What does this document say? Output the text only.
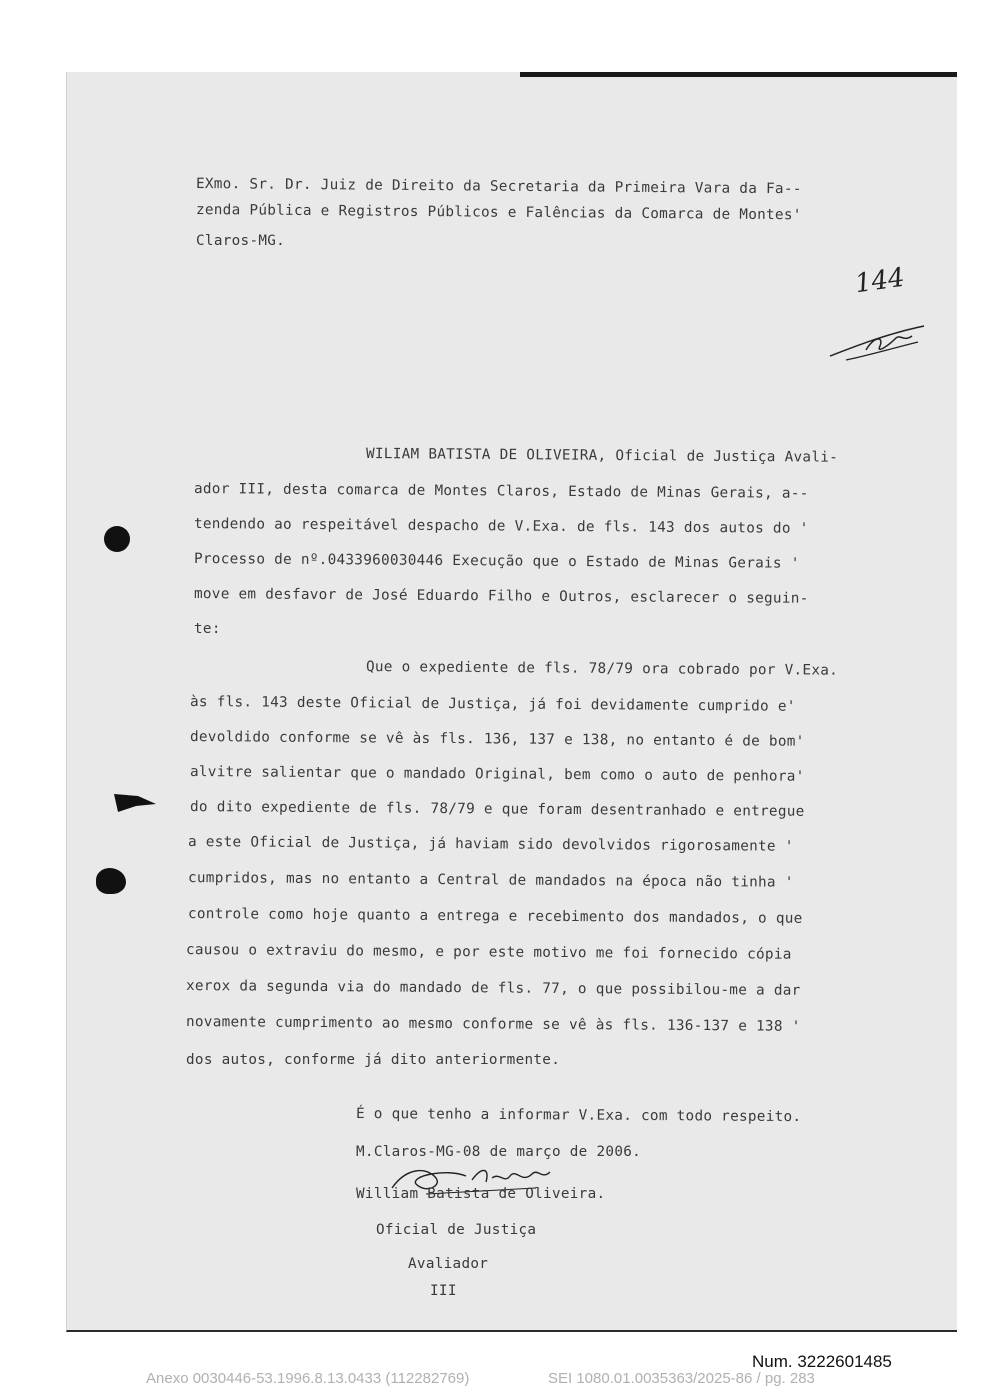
EXmo. Sr. Dr. Juiz de Direito da Secretaria da Primeira Vara da Fa--
zenda Pública e Registros Públicos e Falências da Comarca de Montes'
Claros-MG.
144
WILIAM BATISTA DE OLIVEIRA, Oficial de Justiça Avali-
ador III, desta comarca de Montes Claros, Estado de Minas Gerais, a--
tendendo ao respeitável despacho de V.Exa. de fls. 143 dos autos do '
Processo de nº.0433960030446 Execução que o Estado de Minas Gerais '
move em desfavor de José Eduardo Filho e Outros, esclarecer o seguin-
te:
Que o expediente de fls. 78/79 ora cobrado por V.Exa.
às fls. 143 deste Oficial de Justiça, já foi devidamente cumprido e'
devoldido conforme se vê às fls. 136, 137 e 138, no entanto é de bom'
alvitre salientar que o mandado Original, bem como o auto de penhora'
do dito expediente de fls. 78/79 e que foram desentranhado e entregue
a este Oficial de Justiça, já haviam sido devolvidos rigorosamente '
cumpridos, mas no entanto a Central de mandados na época não tinha '
controle como hoje quanto a entrega e recebimento dos mandados, o que
causou o extraviu do mesmo, e por este motivo me foi fornecido cópia
xerox da segunda via do mandado de fls. 77, o que possibilou-me a dar
novamente cumprimento ao mesmo conforme se vê às fls. 136-137 e 138 '
dos autos, conforme já dito anteriormente.
É o que tenho a informar V.Exa. com todo respeito.
M.Claros-MG-08 de março de 2006.
William Batista de Oliveira.
Oficial de Justiça
Avaliador
III
Num. 3222601485
Anexo 0030446-53.1996.8.13.0433 (112282769)	SEI 1080.01.0035363/2025-86 / pg. 283
